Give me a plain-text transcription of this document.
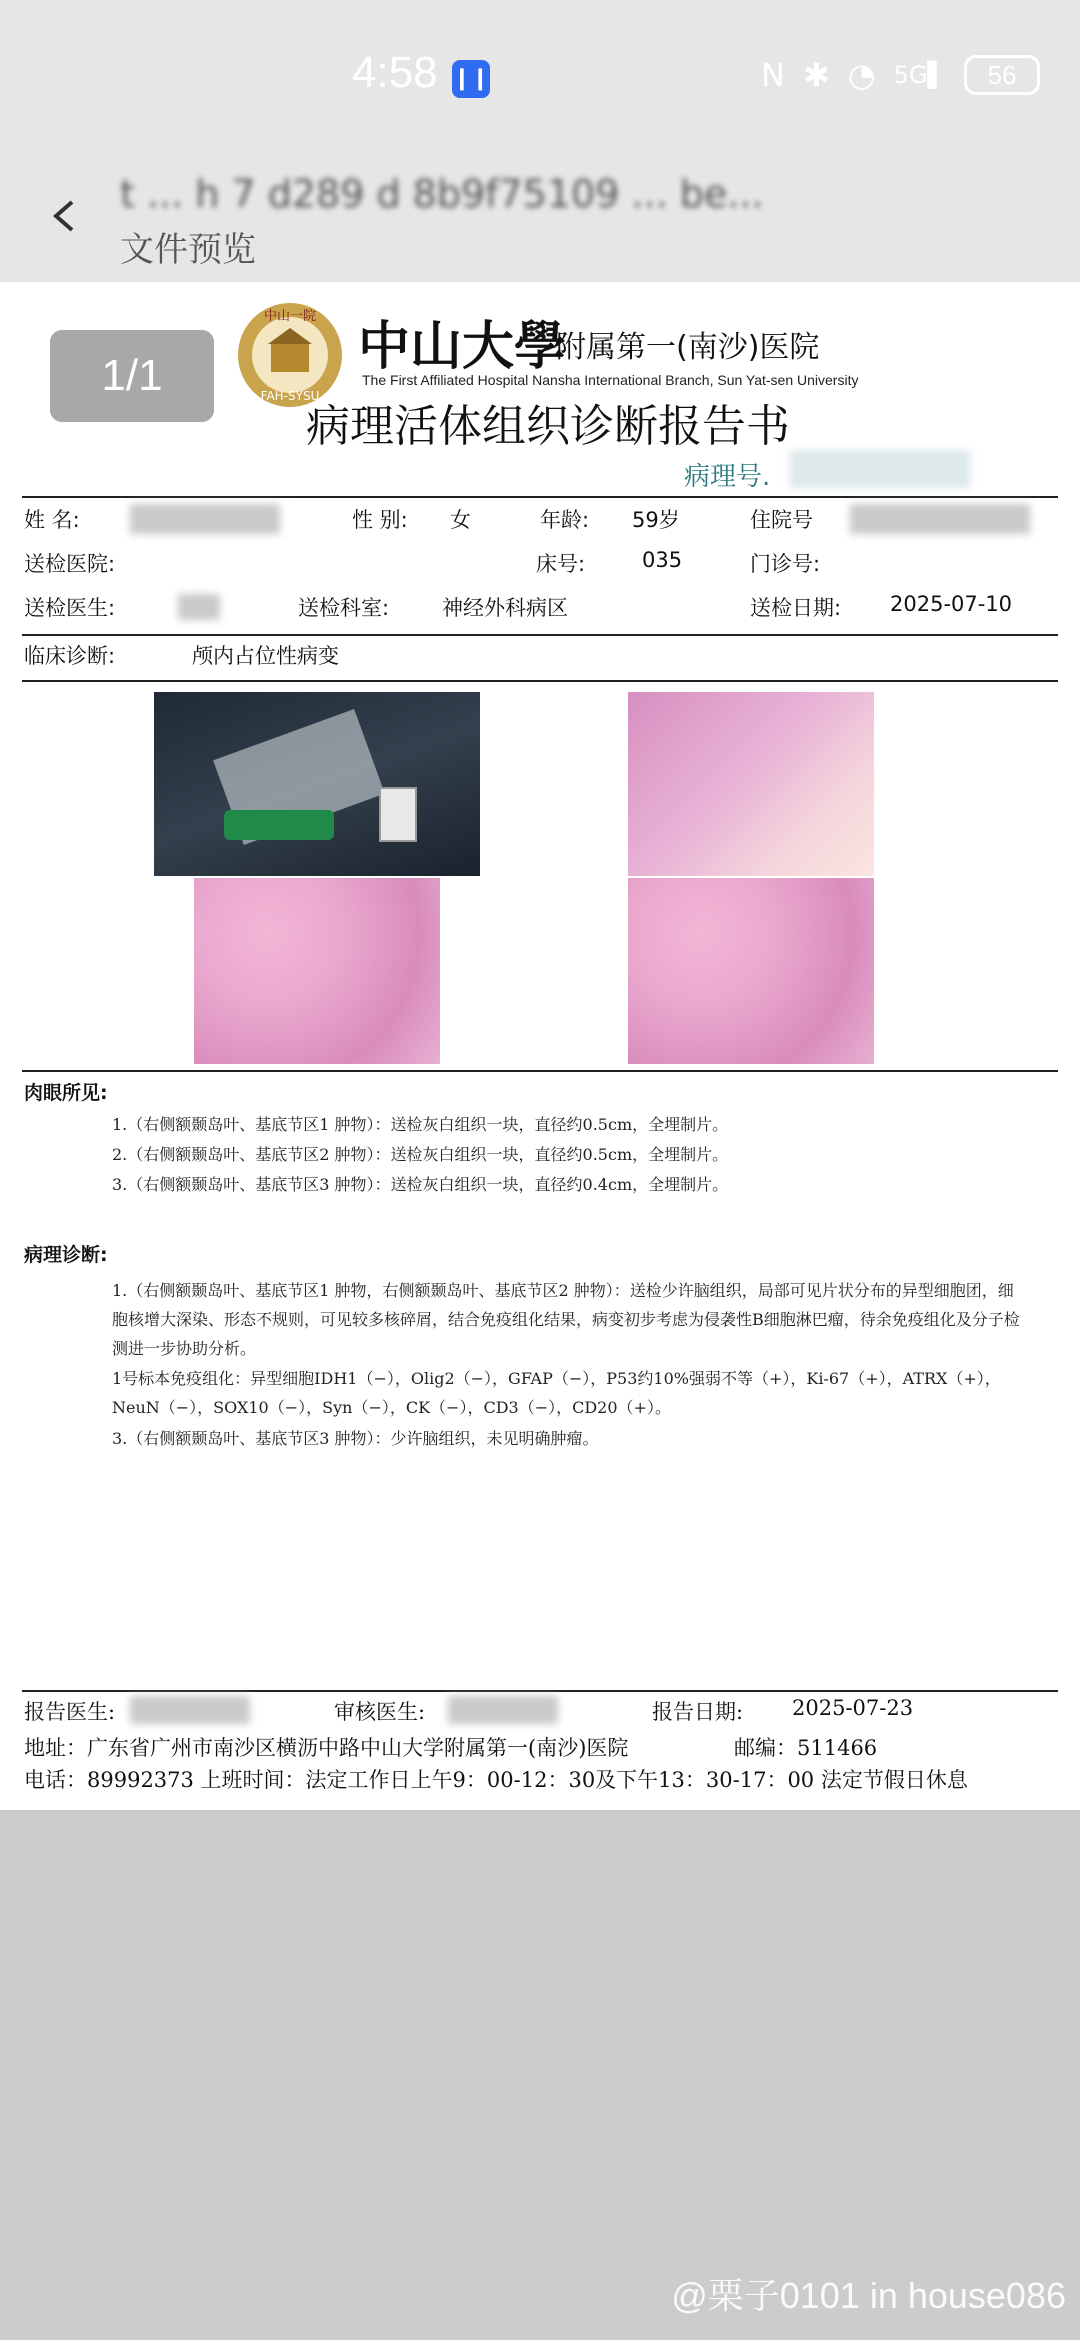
4:58 ❙❙	N ✱ ◔ 5G▌	56
t ... h 7 d289 d 8b9f75109 ... be...
文件预览
1/1
中山一院
FAH-SYSU
中山大學
附属第一(南沙)医院
The First Affiliated Hospital Nansha International Branch, Sun Yat-sen University
病理活体组织诊断报告书
病理号.
姓 名:	性 别: 女	年龄: 59岁	住院号
送检医院:	床号:	035	门诊号:
送检医生:	送检科室:	神经外科病区	送检日期: 2025-07-10
临床诊断:	颅内占位性病变
肉眼所见:
1.（右侧额颞岛叶、基底节区1 肿物）：送检灰白组织一块，直径约0.5cm，全埋制片。
2.（右侧额颞岛叶、基底节区2 肿物）：送检灰白组织一块，直径约0.5cm，全埋制片。
3.（右侧额颞岛叶、基底节区3 肿物）：送检灰白组织一块，直径约0.4cm，全埋制片。
病理诊断:
1.（右侧额颞岛叶、基底节区1 肿物，右侧额颞岛叶、基底节区2 肿物）：送检少许脑组织，局部可见片状分布的异型细胞团，细胞核增大深染、形态不规则，可见较多核碎屑，结合免疫组化结果，病变初步考虑为侵袭性B细胞淋巴瘤，待余免疫组化及分子检测进一步协助分析。
1号标本免疫组化：异型细胞IDH1（−），Olig2（−），GFAP（−），P53约10%强弱不等（+），Ki-67（+），ATRX（+），NeuN（−），SOX10（−），Syn（−），CK（−），CD3（−），CD20（+）。
3.（右侧额颞岛叶、基底节区3 肿物）：少许脑组织，未见明确肿瘤。
报告医生:	审核医生:	报告日期: 2025-07-23
地址：广东省广州市南沙区横沥中路中山大学附属第一(南沙)医院	邮编：511466
电话：89992373 上班时间：法定工作日上午9：00-12：30及下午13：30-17：00 法定节假日休息
@栗子0101 in house086
